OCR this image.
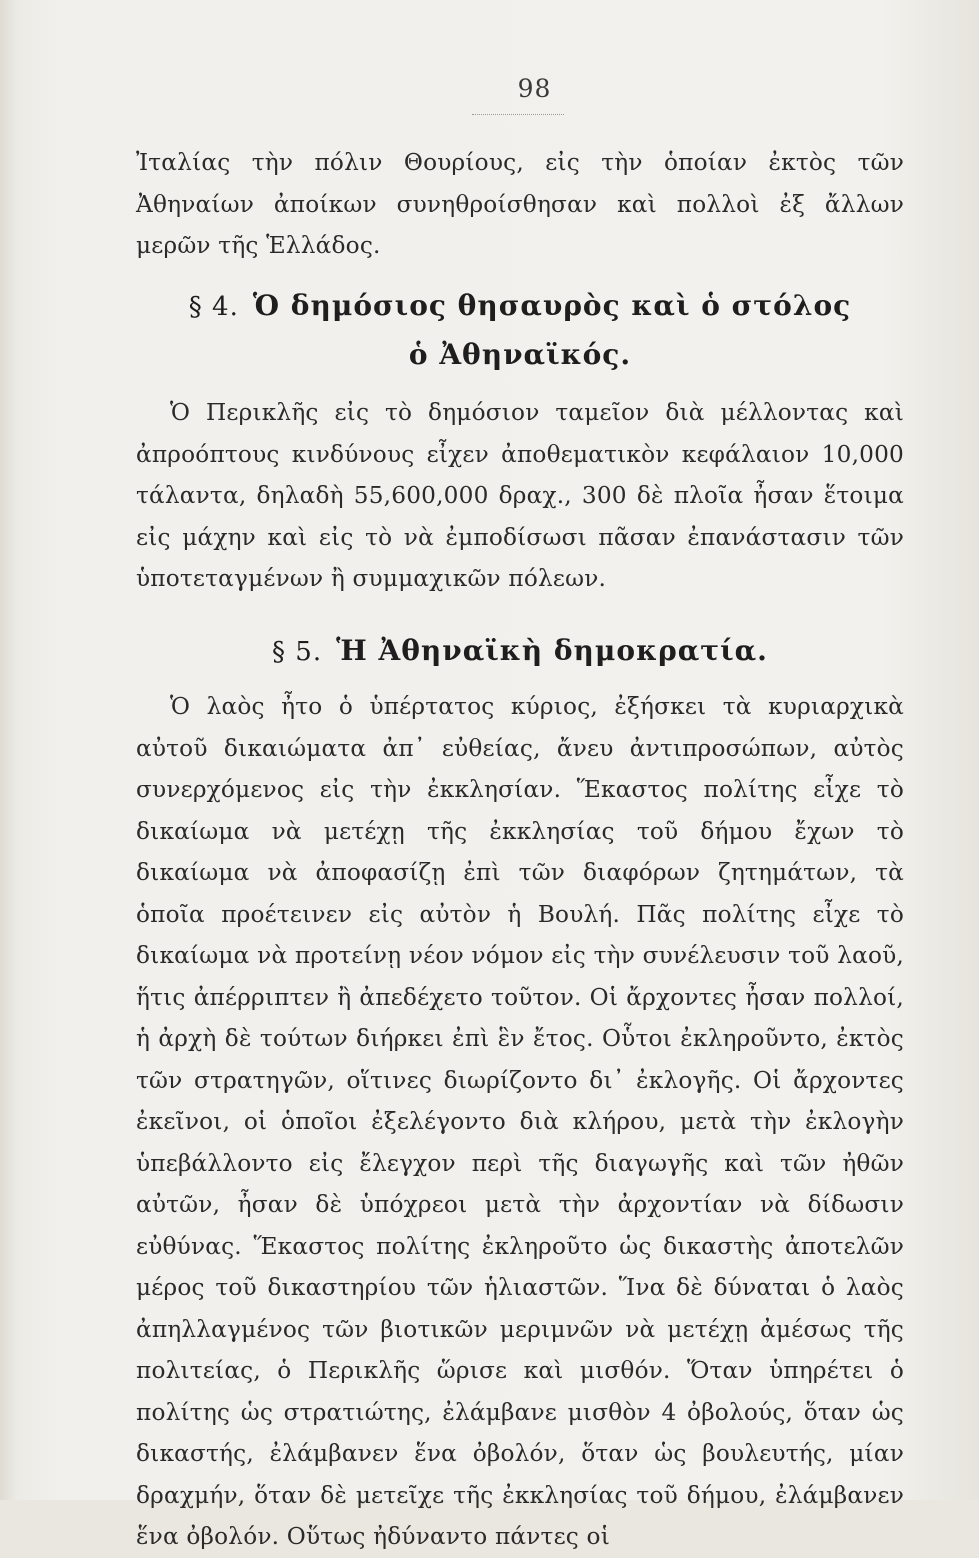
98

Ἰταλίας τὴν πόλιν Θουρίους, εἰς τὴν ὁποίαν ἐκτὸς τῶν Ἀθηναίων ἀποίκων συνηθροίσθησαν καὶ πολλοὶ ἐξ ἄλλων μερῶν τῆς Ἑλλάδος.

§ 4. Ὁ δημόσιος θησαυρὸς καὶ ὁ στόλος
ὁ Ἀθηναϊκός.

Ὁ Περικλῆς εἰς τὸ δημόσιον ταμεῖον διὰ μέλλοντας καὶ ἀπροόπτους κινδύνους εἶχεν ἀποθεματικὸν κεφάλαιον 10,000 τάλαντα, δηλαδὴ 55,600,000 δραχ., 300 δὲ πλοῖα ἦσαν ἕτοιμα εἰς μάχην καὶ εἰς τὸ νὰ ἐμποδίσωσι πᾶσαν ἐπανάστασιν τῶν ὑποτεταγμένων ἢ συμμαχικῶν πόλεων.

§ 5. Ἡ Ἀθηναϊκὴ δημοκρατία.

Ὁ λαὸς ἦτο ὁ ὑπέρτατος κύριος, ἐξήσκει τὰ κυριαρχικὰ αὐτοῦ δικαιώματα ἀπ᾿ εὐθείας, ἄνευ ἀντιπροσώπων, αὐτὸς συνερχόμενος εἰς τὴν ἐκκλησίαν. Ἕκαστος πολίτης εἶχε τὸ δικαίωμα νὰ μετέχῃ τῆς ἐκκλησίας τοῦ δήμου ἔχων τὸ δικαίωμα νὰ ἀποφασίζῃ ἐπὶ τῶν διαφόρων ζητημάτων, τὰ ὁποῖα προέτεινεν εἰς αὐτὸν ἡ Βουλή. Πᾶς πολίτης εἶχε τὸ δικαίωμα νὰ προτείνῃ νέον νόμον εἰς τὴν συνέλευσιν τοῦ λαοῦ, ἥτις ἀπέρριπτεν ἢ ἀπεδέχετο τοῦτον. Οἱ ἄρχοντες ἦσαν πολλοί, ἡ ἀρχὴ δὲ τούτων διήρκει ἐπὶ ἓν ἔτος. Οὗτοι ἐκληροῦντο, ἐκτὸς τῶν στρατηγῶν, οἵτινες διωρίζοντο δι᾿ ἐκλογῆς. Οἱ ἄρχοντες ἐκεῖνοι, οἱ ὁποῖοι ἐξελέγοντο διὰ κλήρου, μετὰ τὴν ἐκλογὴν ὑπεβάλλοντο εἰς ἔλεγχον περὶ τῆς διαγωγῆς καὶ τῶν ἠθῶν αὐτῶν, ἦσαν δὲ ὑπόχρεοι μετὰ τὴν ἀρχοντίαν νὰ δίδωσιν εὐθύνας. Ἕκαστος πολίτης ἐκληροῦτο ὡς δικαστὴς ἀποτελῶν μέρος τοῦ δικαστηρίου τῶν ἡλιαστῶν. Ἵνα δὲ δύναται ὁ λαὸς ἀπηλλαγμένος τῶν βιοτικῶν μεριμνῶν νὰ μετέχῃ ἀμέσως τῆς πολιτείας, ὁ Περικλῆς ὥρισε καὶ μισθόν. Ὅταν ὑπηρέτει ὁ πολίτης ὡς στρατιώτης, ἐλάμβανε μισθὸν 4 ὀβολούς, ὅταν ὡς δικαστής, ἐλάμβανεν ἕνα ὀβολόν, ὅταν ὡς βουλευτής, μίαν δραχμήν, ὅταν δὲ μετεῖχε τῆς ἐκκλησίας τοῦ δήμου, ἐλάμβανεν ἕνα ὀβολόν. Οὕτως ἠδύναντο πάντες οἱ
